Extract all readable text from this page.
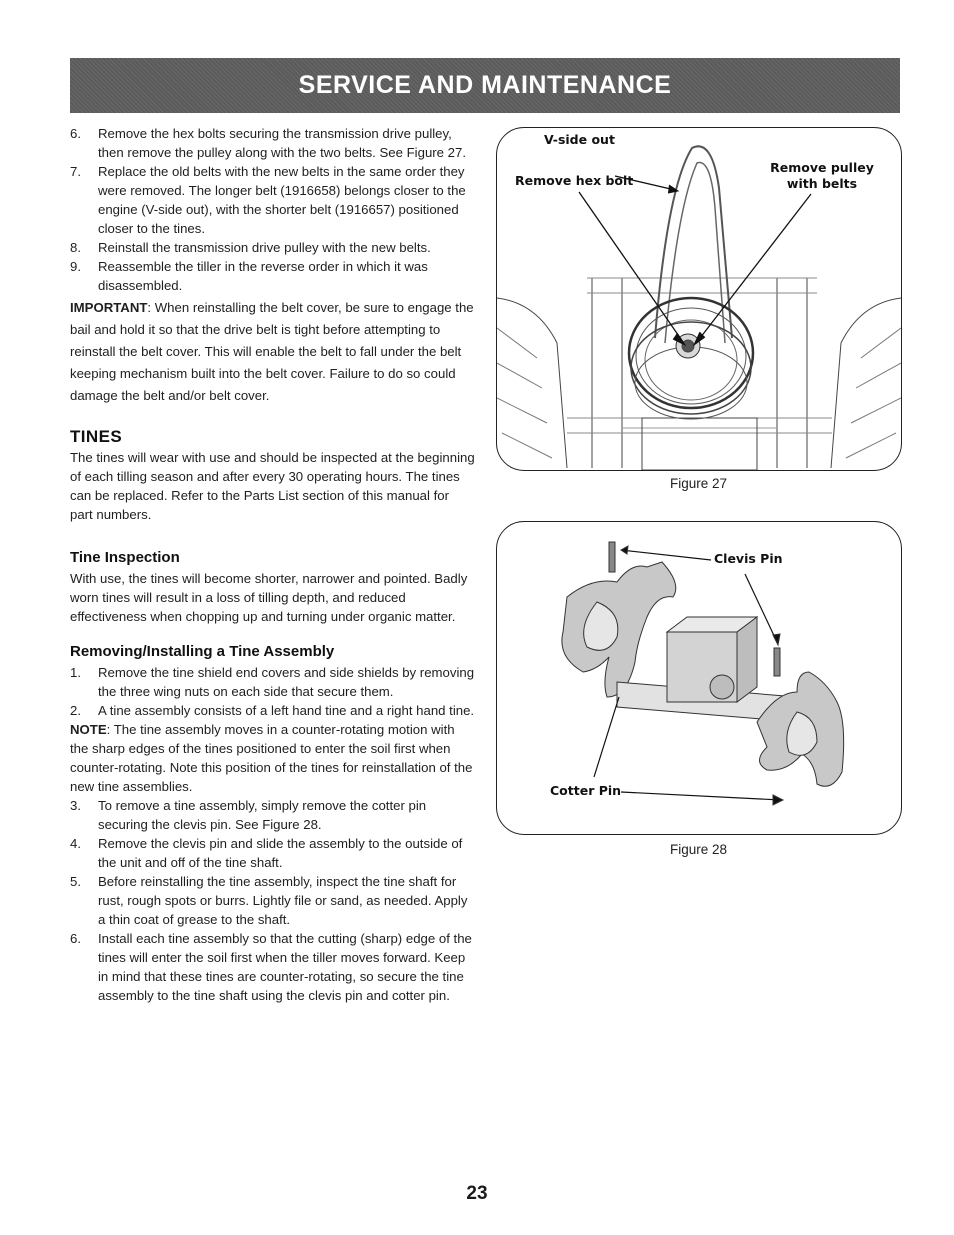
SERVICE AND MAINTENANCE
6.	Remove the hex bolts securing the transmission drive pulley, then remove the pulley along with the two belts. See Figure 27.
7.	Replace the old belts with the new belts in the same order they were removed. The longer belt (1916658) belongs closer to the engine (V-side out), with the shorter belt (1916657) positioned closer to the tines.
8.	Reinstall the transmission drive pulley with the new belts.
9.	Reassemble the tiller in the reverse order in which it was disassembled.

IMPORTANT: When reinstalling the belt cover, be sure to engage the bail and hold it so that the drive belt is tight before attempting to reinstall the belt cover. This will enable the belt to fall under the belt keeping mechanism built into the belt cover. Failure to do so could damage the belt and/or belt cover.

TINES

The tines will wear with use and should be inspected at the beginning of each tilling season and after every 30 operating hours. The tines can be replaced. Refer to the Parts List section of this manual for part numbers.

Tine Inspection

With use, the tines will become shorter, narrower and pointed. Badly worn tines will result in a loss of tilling depth, and reduced effectiveness when chopping up and turning under organic matter.

Removing/Installing a Tine Assembly
1.	Remove the tine shield end covers and side shields by removing the three wing nuts on each side that secure them.
2.	A tine assembly consists of a left hand tine and a right hand tine.

NOTE: The tine assembly moves in a counter-rotating motion with the sharp edges of the tines positioned to enter the soil first when counter-rotating. Note this position of the tines for reinstallation of the new tine assemblies.

3.	To remove a tine assembly, simply remove the cotter pin securing the clevis pin. See Figure 28.
4.	Remove the clevis pin and slide the assembly to the outside of the unit and off of the tine shaft.
5.	Before reinstalling the tine assembly, inspect the tine shaft for rust, rough spots or burrs. Lightly file or sand, as needed. Apply a thin coat of grease to the shaft.
6.	Install each tine assembly so that the cutting (sharp) edge of the tines will enter the soil first when the tiller moves forward. Keep in mind that these tines are counter-rotating, so secure the tine assembly to the tine shaft using the clevis pin and cotter pin.
V-side out
Remove hex bolt
Remove pulley
with belts
Figure 27
Clevis Pin
Cotter Pin
Figure 28
23
